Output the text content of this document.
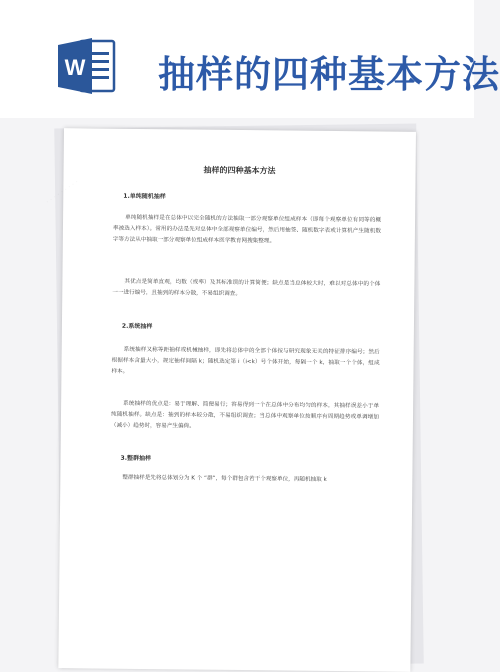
W 抽样的四种基本方法
· · · · · ·
抽样的四种基本方法
1.单纯随机抽样
单纯随机抽样是在总体中以完全随机的方法抽取一部分观察单位组成样本（即每个观察单位有同等的概率被选入样本）。常用的办法是先对总体中全部观察单位编号，然后用抽签、随机数字表或计算机产生随机数字等方法从中抽取一部分观察单位组成样本医学教育网搜集整理。
其优点是简单直观，均数（或率）及其标准误的计算简便；缺点是当总体较大时，难以对总体中的个体一一进行编号，且抽到的样本分散，不易组织调查。
2.系统抽样
系统抽样又称等距抽样或机械抽样，即先将总体中的全部个体按与研究现象无关的特征排序编号；然后根据样本含量大小，规定抽样间隔 k；随机选定第 i（i<k）号个体开始，每隔一个 k，抽取一个个体，组成样本。
系统抽样的优点是：易于理解、简便易行；容易得到一个在总体中分布均匀的样本，其抽样误差小于单纯随机抽样。缺点是：抽到的样本较分散，不易组织调查；当总体中观察单位按顺序有周期趋势或单调增加（减小）趋势时，容易产生偏倚。
3.整群抽样
整群抽样是先将总体划分为 K 个 “群”，每个群包含若干个观察单位，再随机抽取 k
